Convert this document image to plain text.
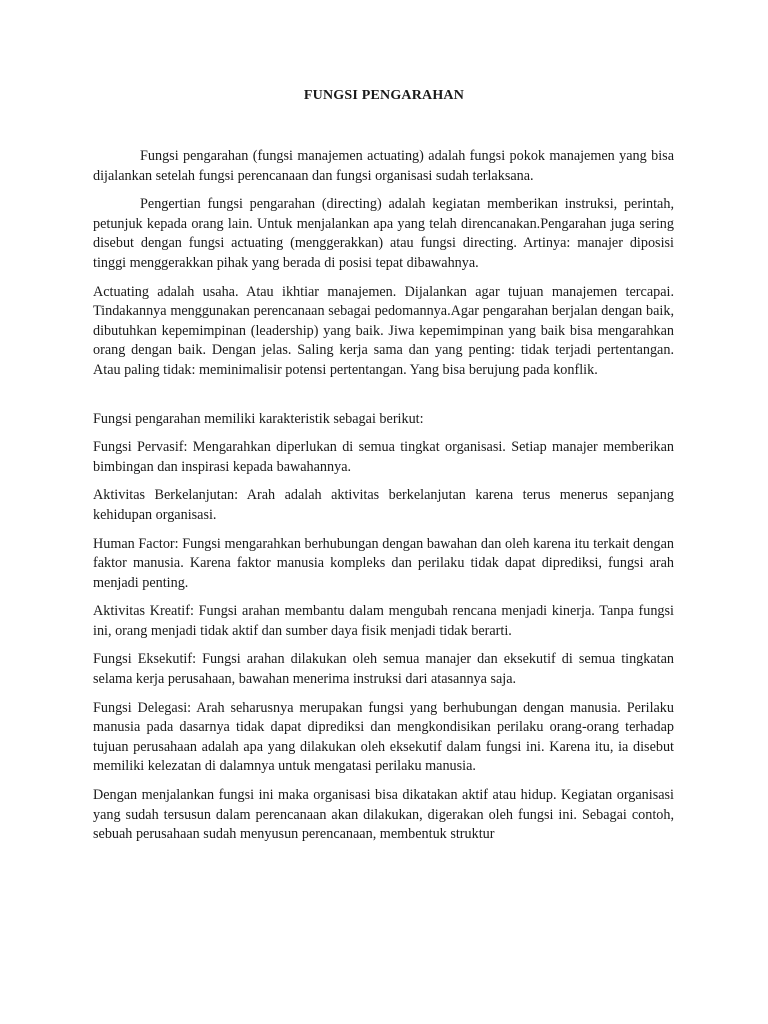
FUNGSI PENGARAHAN

Fungsi pengarahan (fungsi manajemen actuating) adalah fungsi pokok manajemen yang bisa dijalankan setelah fungsi perencanaan dan fungsi organisasi sudah terlaksana.

Pengertian fungsi pengarahan (directing) adalah kegiatan memberikan instruksi, perintah, petunjuk kepada orang lain. Untuk menjalankan apa yang telah direncanakan.Pengarahan juga sering disebut dengan fungsi actuating (menggerakkan) atau fungsi directing. Artinya: manajer diposisi tinggi menggerakkan pihak yang berada di posisi tepat dibawahnya.

Actuating adalah usaha. Atau ikhtiar manajemen. Dijalankan agar tujuan manajemen tercapai. Tindakannya menggunakan perencanaan sebagai pedomannya.Agar pengarahan berjalan dengan baik, dibutuhkan kepemimpinan (leadership) yang baik. Jiwa kepemimpinan yang baik bisa mengarahkan orang dengan baik. Dengan jelas. Saling kerja sama dan yang penting: tidak terjadi pertentangan. Atau paling tidak: meminimalisir potensi pertentangan. Yang bisa berujung pada konflik.

Fungsi pengarahan memiliki karakteristik sebagai berikut:

Fungsi Pervasif: Mengarahkan diperlukan di semua tingkat organisasi. Setiap manajer memberikan bimbingan dan inspirasi kepada bawahannya.

Aktivitas Berkelanjutan: Arah adalah aktivitas berkelanjutan karena terus menerus sepanjang kehidupan organisasi.

Human Factor: Fungsi mengarahkan berhubungan dengan bawahan dan oleh karena itu terkait dengan faktor manusia. Karena faktor manusia kompleks dan perilaku tidak dapat diprediksi, fungsi arah menjadi penting.

Aktivitas Kreatif: Fungsi arahan membantu dalam mengubah rencana menjadi kinerja. Tanpa fungsi ini, orang menjadi tidak aktif dan sumber daya fisik menjadi tidak berarti.

Fungsi Eksekutif: Fungsi arahan dilakukan oleh semua manajer dan eksekutif di semua tingkatan selama kerja perusahaan, bawahan menerima instruksi dari atasannya saja.

Fungsi Delegasi: Arah seharusnya merupakan fungsi yang berhubungan dengan manusia. Perilaku manusia pada dasarnya tidak dapat diprediksi dan mengkondisikan perilaku orang-orang terhadap tujuan perusahaan adalah apa yang dilakukan oleh eksekutif dalam fungsi ini. Karena itu, ia disebut memiliki kelezatan di dalamnya untuk mengatasi perilaku manusia.

Dengan menjalankan fungsi ini maka organisasi bisa dikatakan aktif atau hidup. Kegiatan organisasi yang sudah tersusun dalam perencanaan akan dilakukan, digerakan oleh fungsi ini. Sebagai contoh, sebuah perusahaan sudah menyusun perencanaan, membentuk struktur
